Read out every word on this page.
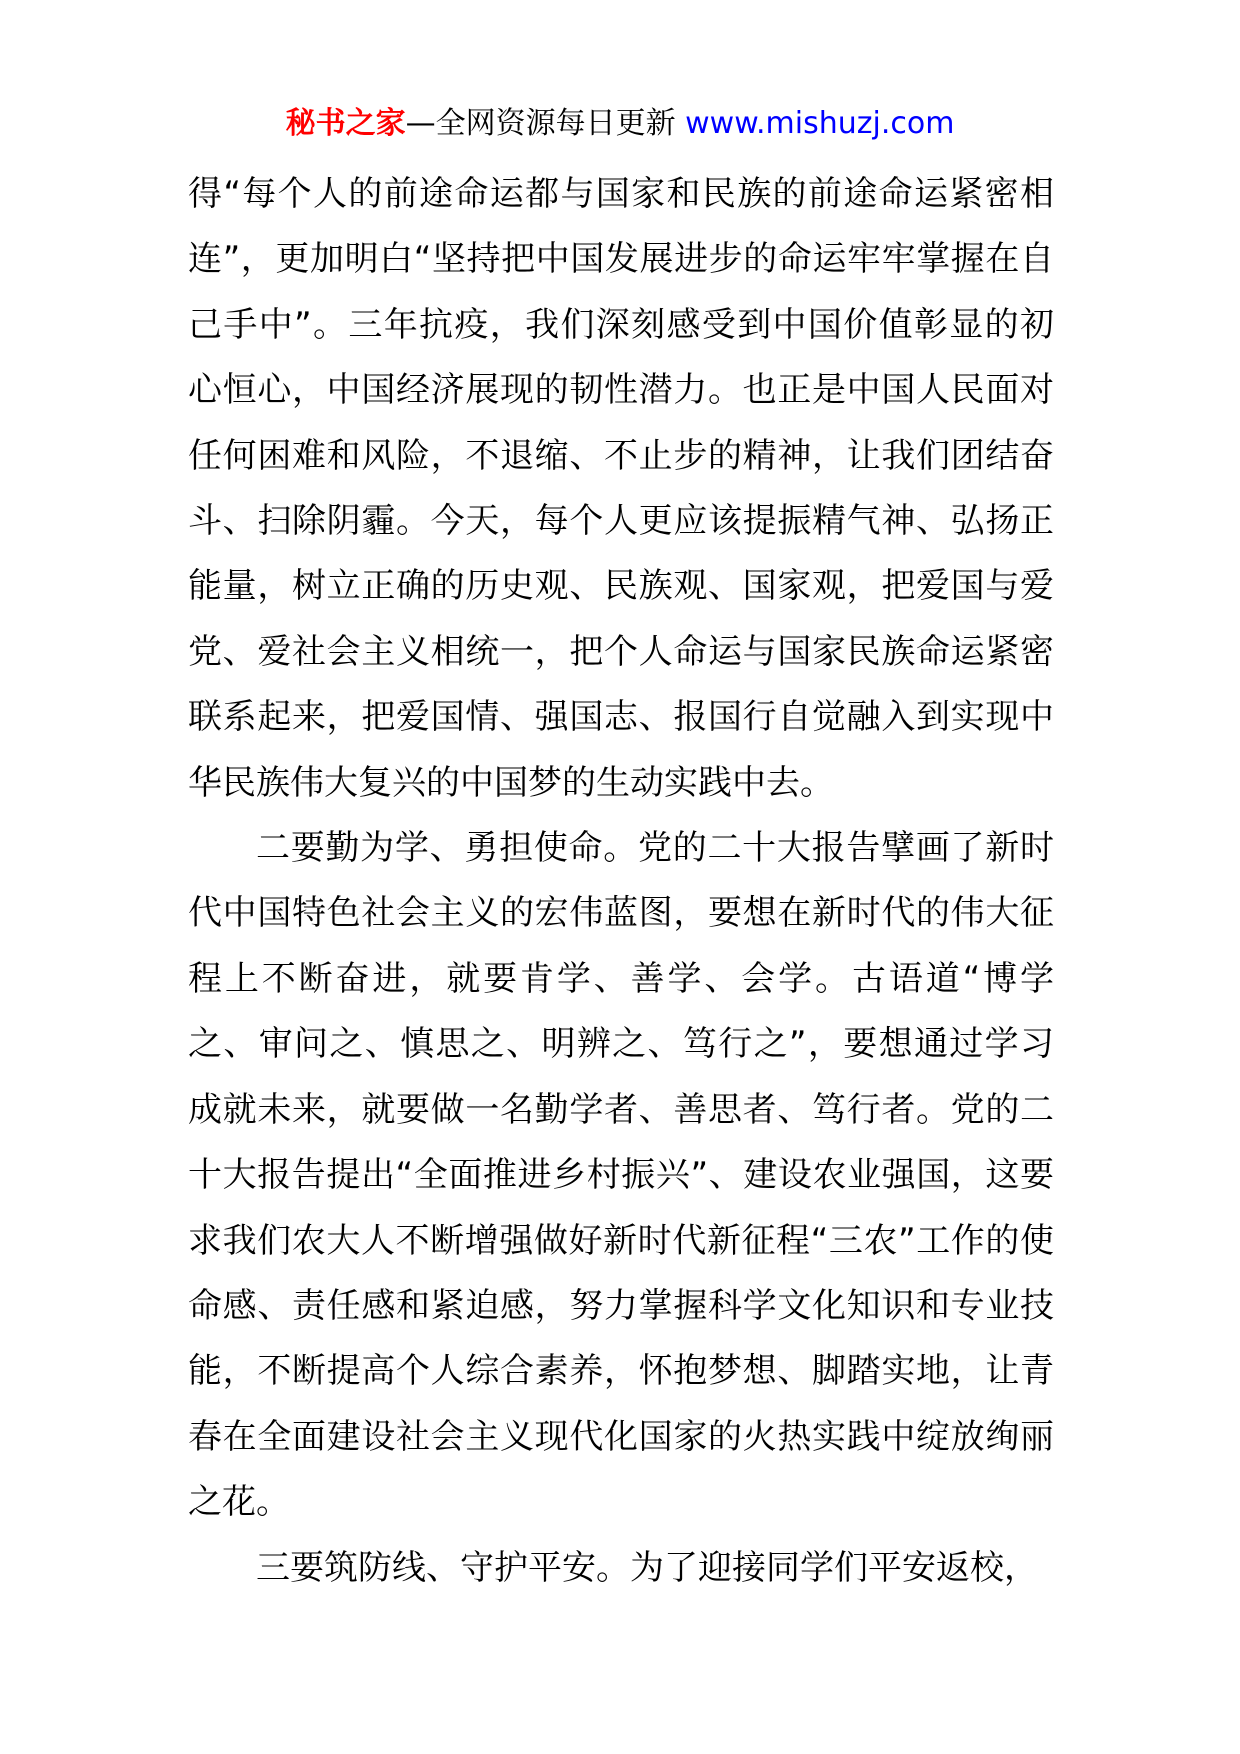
秘书之家—全网资源每日更新 www.mishuzj.com

得“每个人的前途命运都与国家和民族的前途命运紧密相连”，更加明白“坚持把中国发展进步的命运牢牢掌握在自己手中”。三年抗疫，我们深刻感受到中国价值彰显的初心恒心，中国经济展现的韧性潜力。也正是中国人民面对任何困难和风险，不退缩、不止步的精神，让我们团结奋斗、扫除阴霾。今天，每个人更应该提振精气神、弘扬正能量，树立正确的历史观、民族观、国家观，把爱国与爱党、爱社会主义相统一，把个人命运与国家民族命运紧密联系起来，把爱国情、强国志、报国行自觉融入到实现中华民族伟大复兴的中国梦的生动实践中去。

二要勤为学、勇担使命。党的二十大报告擘画了新时代中国特色社会主义的宏伟蓝图，要想在新时代的伟大征程上不断奋进，就要肯学、善学、会学。古语道“博学之、审问之、慎思之、明辨之、笃行之”，要想通过学习成就未来，就要做一名勤学者、善思者、笃行者。党的二十大报告提出“全面推进乡村振兴”、建设农业强国，这要求我们农大人不断增强做好新时代新征程“三农”工作的使命感、责任感和紧迫感，努力掌握科学文化知识和专业技能，不断提高个人综合素养，怀抱梦想、脚踏实地，让青春在全面建设社会主义现代化国家的火热实践中绽放绚丽之花。

三要筑防线、守护平安。为了迎接同学们平安返校，
